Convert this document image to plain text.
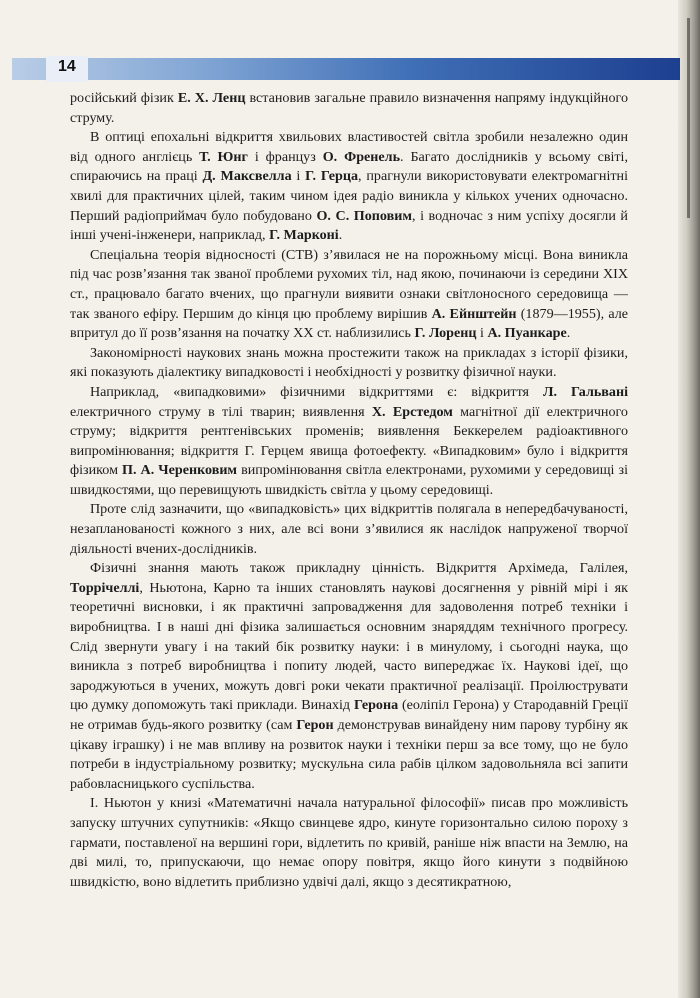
14

російський фізик Е. Х. Ленц встановив загальне правило визначення напряму індукційного струму.

В оптиці епохальні відкриття хвильових властивостей світла зробили незалежно один від одного англієць Т. Юнг і француз О. Френель. Багато дослідників у всьому світі, спираючись на праці Д. Максвелла і Г. Герца, прагнули використовувати електромагнітні хвилі для практичних цілей, таким чином ідея радіо виникла у кількох учених одночасно. Перший радіоприймач було побудовано О. С. Поповим, і водночас з ним успіху досягли й інші учені-інженери, наприклад, Г. Марконі.

Спеціальна теорія відносності (СТВ) з’явилася не на порожньому місці. Вона виникла під час розв’язання так званої проблеми рухомих тіл, над якою, починаючи із середини XIX ст., працювало багато вчених, що прагнули виявити ознаки світлоносного середовища — так званого ефіру. Першим до кінця цю проблему вирішив А. Ейнштейн (1879—1955), але впритул до її розв’язання на початку XX ст. наблизились Г. Лоренц і А. Пуанкаре.

Закономірності наукових знань можна простежити також на прикладах з історії фізики, які показують діалектику випадковості і необхідності у розвитку фізичної науки.

Наприклад, «випадковими» фізичними відкриттями є: відкриття Л. Гальвані електричного струму в тілі тварин; виявлення Х. Ерстедом магнітної дії електричного струму; відкриття рентгенівських променів; виявлення Беккерелем радіоактивного випромінювання; відкриття Г. Герцем явища фотоефекту. «Випадковим» було і відкриття фізиком П. А. Черенковим випромінювання світла електронами, рухомими у середовищі зі швидкостями, що перевищують швидкість світла у цьому середовищі.

Проте слід зазначити, що «випадковість» цих відкриттів полягала в непередбачуваності, незапланованості кожного з них, але всі вони з’явилися як наслідок напруженої творчої діяльності вчених-дослідників.

Фізичні знання мають також прикладну цінність. Відкриття Архімеда, Галілея, Торрічеллі, Ньютона, Карно та інших становлять наукові досягнення у рівній мірі і як теоретичні висновки, і як практичні запровадження для задоволення потреб техніки і виробництва. І в наші дні фізика залишається основним знаряддям технічного прогресу. Слід звернути увагу і на такий бік розвитку науки: і в минулому, і сьогодні наука, що виникла з потреб виробництва і попиту людей, часто випереджає їх. Наукові ідеї, що зароджуються в учених, можуть довгі роки чекати практичної реалізації. Проілюструвати цю думку допоможуть такі приклади. Винахід Герона (еоліпіл Герона) у Стародавній Греції не отримав будь-якого розвитку (сам Герон демонстрував винайдену ним парову турбіну як цікаву іграшку) і не мав впливу на розвиток науки і техніки перш за все тому, що не було потреби в індустріальному розвитку; мускульна сила рабів цілком задовольняла всі запити рабовласницького суспільства.

І. Ньютон у книзі «Математичні начала натуральної філософії» писав про можливість запуску штучних супутників: «Якщо свинцеве ядро, кинуте горизонтально силою пороху з гармати, поставленої на вершині гори, відлетить по кривій, раніше ніж впасти на Землю, на дві милі, то, припускаючи, що немає опору повітря, якщо його кинути з подвійною швидкістю, воно відлетить приблизно удвічі далі, якщо з десятикратною,
